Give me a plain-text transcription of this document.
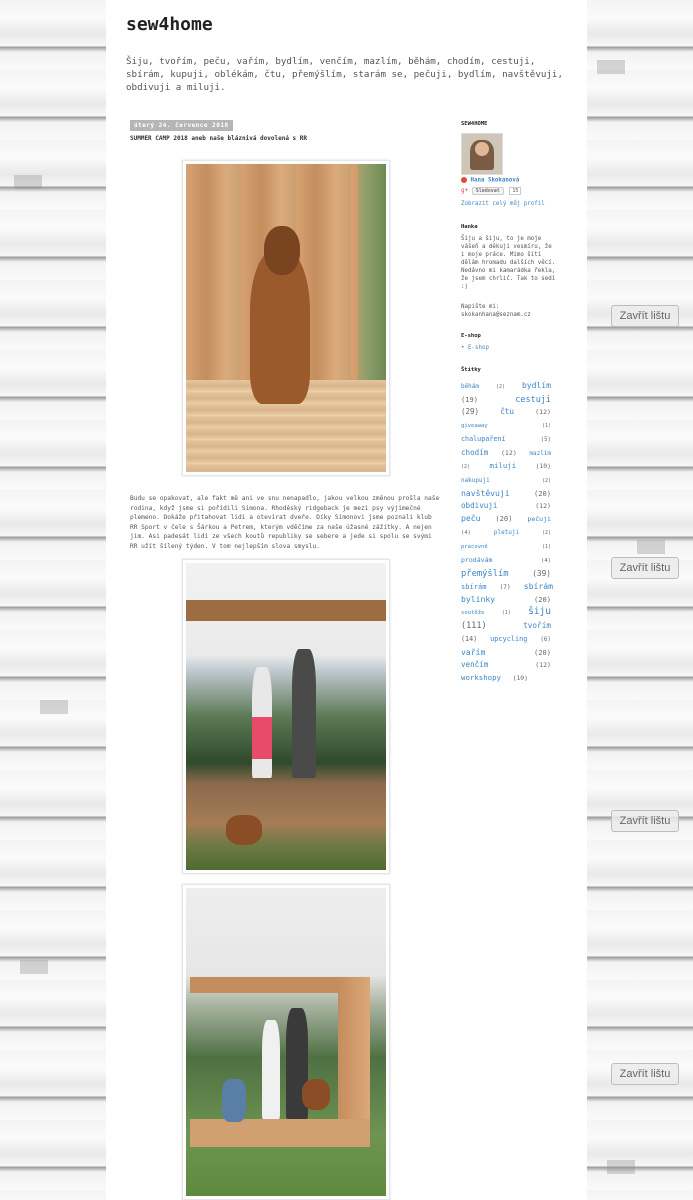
Zavřít lištu
Zavřít lištu
Zavřít lištu
Zavřít lištu
sew4home
Šiju, tvořím, peču, vařím, bydlím, venčím, mazlím, běhám, chodím, cestuji, sbírám, kupuji, oblékám, čtu, přemýšlím, starám se, pečuji, bydlím, navštěvuji, obdivuji a miluji.
úterý 24. července 2018
SUMMER CAMP 2018 aneb naše bláznivá dovolená s RR
Budu se opakovat, ale fakt mě ani ve snu nenapadlo, jakou velkou změnou prošla naše rodina, když jsme si pořídili Simona. Rhodéský ridgeback je mezi psy výjimečné plemeno. Dokáže přitahovat lidi a otevírat dveře. Díky Simonovi jsme poznali klub RR Sport v čele s Šárkou a Petrem, kterým vděčíme za naše úžasné zážitky. A nejen jim. Asi padesát lidí ze všech koutů republiky se sebere a jede si spolu se svými RR užít šílený týden. V tom nejlepším slova smyslu.
SEW4HOME
Hana Skokanová
g+ Sledovat	15
Zobrazit celý můj profil
Hanka
Šiju a šiju, to je moje vášeň a děkuji vesmíru, že i moje práce. Mimo šití dělám hromadu dalších věcí. Nedávno mi kamarádka řekla, že jsem chrlič. Tak to sedí :)
Napište mi: skokanhana@seznam.cz
E-shop
• E-shop
Štítky
běhám	(2) bydlím (19)	cestuji (29)	čtu	(12) giveaway	(1) chalupaření	(5) chodím (12) mazlím (2)	miluji	(10) nakupuji	(2) navštěvuji	(20) obdivuji	(12) peču (20) pečuji (4)	pletuji	(2) pracovně	(1) prodávám	(4) přemýšlím	(39) sbírám (7) sbírám bylinky	(20) soutěže	(1) šiju (111)	tvořím (14) upcycling (6) vařím	(20) venčím	(12) workshopy (10)
